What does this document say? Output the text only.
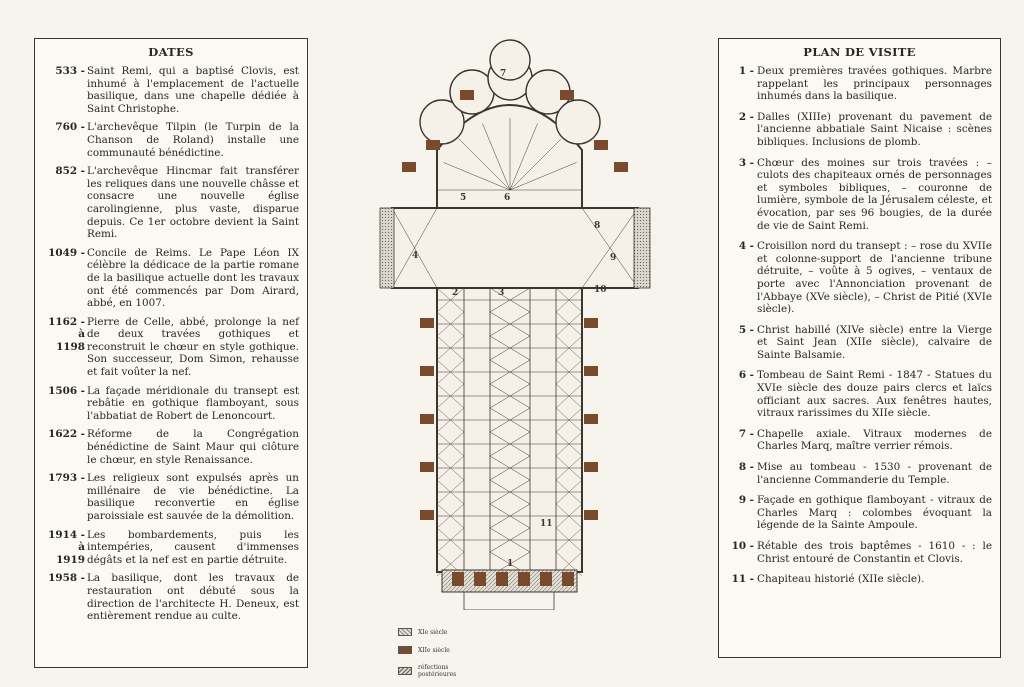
DATES
533 - Saint Remi, qui a baptisé Clovis, est inhumé à l'emplacement de l'actuelle basilique, dans une chapelle dédiée à Saint Christophe.
760 - L'archevêque Tilpin (le Turpin de la Chanson de Roland) installe une communauté bénédictine.
852 - L'archevêque Hincmar fait transférer les reliques dans une nouvelle châsse et consacre une nouvelle église carolingienne, plus vaste, disparue depuis. Ce 1er octobre devient la Saint Remi.
1049 - Concile de Reims. Le Pape Léon IX célèbre la dédicace de la partie romane de la basilique actuelle dont les travaux ont été commencés par Dom Airard, abbé, en 1007.
1162 -
à
1198
Pierre de Celle, abbé, prolonge la nef de deux travées gothiques et reconstruit le chœur en style gothique. Son successeur, Dom Simon, rehausse et fait voûter la nef.
1506 - La façade méridionale du transept est rebâtie en gothique flamboyant, sous l'abbatiat de Robert de Lenoncourt.
1622 - Réforme de la Congrégation bénédictine de Saint Maur qui clôture le chœur, en style Renaissance.
1793 - Les religieux sont expulsés après un millénaire de vie bénédictine. La basilique reconvertie en église paroissiale est sauvée de la démolition.
1914 -
à
1919
Les bombardements, puis les intempéries, causent d'immenses dégâts et la nef est en partie détruite.
1958 - La basilique, dont les travaux de restauration ont débuté sous la direction de l'architecte H. Deneux, est entièrement rendue au culte.
1
2	3
4
5	6
7
8
9
10
11
XIe siècle
XIIe siècle
réfections postérieures
PLAN DE VISITE
1 - Deux premières travées gothiques. Marbre rappelant les principaux personnages inhumés dans la basilique.
2 - Dalles (XIIIe) provenant du pavement de l'ancienne abbatiale Saint Nicaise : scènes bibliques. Inclusions de plomb.
3 - Chœur des moines sur trois travées : – culots des chapiteaux ornés de personnages et symboles bibliques, – couronne de lumière, symbole de la Jérusalem céleste, et évocation, par ses 96 bougies, de la durée de vie de Saint Remi.
4 - Croisillon nord du transept : – rose du XVIIe et colonne-support de l'ancienne tribune détruite, – voûte à 5 ogives, – ventaux de porte avec l'Annonciation provenant de l'Abbaye (XVe siècle), – Christ de Pitié (XVIe siècle).
5 - Christ habillé (XIVe siècle) entre la Vierge et Saint Jean (XIIe siècle), calvaire de Sainte Balsamie.
6 - Tombeau de Saint Remi - 1847 - Statues du XVIe siècle des douze pairs clercs et laïcs officiant aux sacres. Aux fenêtres hautes, vitraux rarissimes du XIIe siècle.
7 - Chapelle axiale. Vitraux modernes de Charles Marq, maître verrier rémois.
8 - Mise au tombeau - 1530 - provenant de l'ancienne Commanderie du Temple.
9 - Façade en gothique flamboyant - vitraux de Charles Marq : colombes évoquant la légende de la Sainte Ampoule.
10 - Rétable des trois baptêmes - 1610 - : le Christ entouré de Constantin et Clovis.
11 - Chapiteau historié (XIIe siècle).
